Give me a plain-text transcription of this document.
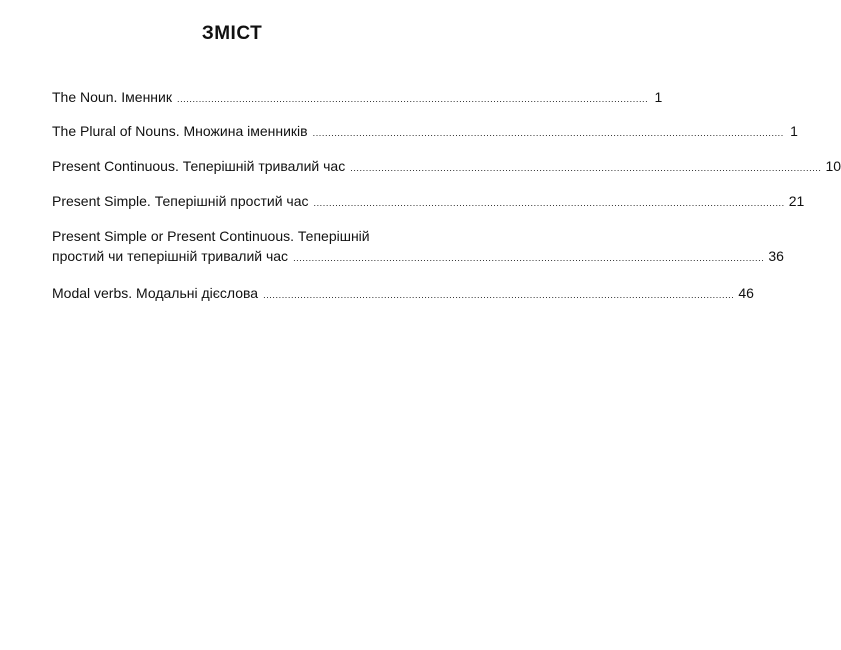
ЗМІСТ
The Noun. Іменник ........................................................................................................................................................ 1
The Plural of Nouns. Множина іменників ........................................................................................................................................................ 1
Present Continuous. Теперішній тривалий час ........................................................................................................................................................ 10
Present Simple. Теперішній простий час ........................................................................................................................................................ 21
Present Simple or Present Continuous. Теперішній
простий чи теперішній тривалий час ........................................................................................................................................................ 36
Modal verbs. Модальні дієслова ........................................................................................................................................................ 46
